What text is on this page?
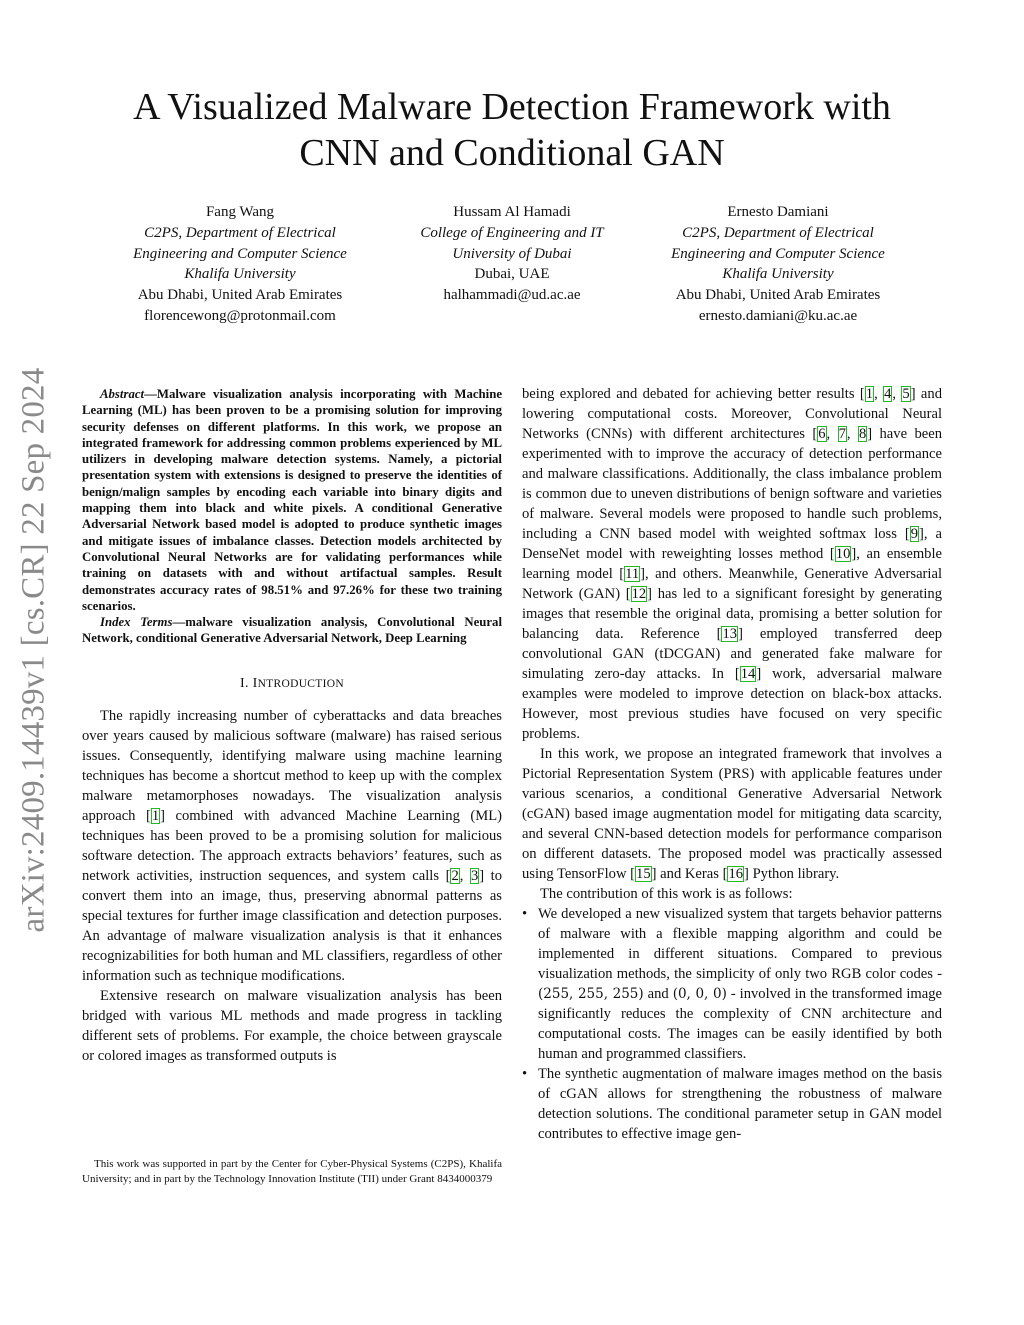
arXiv:2409.14439v1 [cs.CR] 22 Sep 2024
A Visualized Malware Detection Framework with
CNN and Conditional GAN
Fang Wang
C2PS, Department of Electrical
Engineering and Computer Science
Khalifa University
Abu Dhabi, United Arab Emirates
florencewong@protonmail.com
Hussam Al Hamadi
College of Engineering and IT
University of Dubai
Dubai, UAE
halhammadi@ud.ac.ae
Ernesto Damiani
C2PS, Department of Electrical
Engineering and Computer Science
Khalifa University
Abu Dhabi, United Arab Emirates
ernesto.damiani@ku.ac.ae

Abstract—Malware visualization analysis incorporating with Machine Learning (ML) has been proven to be a promising solution for improving security defenses on different platforms. In this work, we propose an integrated framework for addressing common problems experienced by ML utilizers in developing malware detection systems. Namely, a pictorial presentation system with extensions is designed to preserve the identities of benign/malign samples by encoding each variable into binary digits and mapping them into black and white pixels. A conditional Generative Adversarial Network based model is adopted to produce synthetic images and mitigate issues of imbalance classes. Detection models architected by Convolutional Neural Networks are for validating performances while training on datasets with and without artifactual samples. Result demonstrates accuracy rates of 98.51% and 97.26% for these two training scenarios.

Index Terms—malware visualization analysis, Convolutional Neural Network, conditional Generative Adversarial Network, Deep Learning

I. INTRODUCTION

The rapidly increasing number of cyberattacks and data breaches over years caused by malicious software (malware) has raised serious issues. Consequently, identifying malware using machine learning techniques has become a shortcut method to keep up with the complex malware metamorphoses nowadays. The visualization analysis approach [1] combined with advanced Machine Learning (ML) techniques has been proved to be a promising solution for malicious software detection. The approach extracts behaviors’ features, such as network activities, instruction sequences, and system calls [2, 3] to convert them into an image, thus, preserving abnormal patterns as special textures for further image classification and detection purposes. An advantage of malware visualization analysis is that it enhances recognizabilities for both human and ML classifiers, regardless of other information such as technique modifications.

Extensive research on malware visualization analysis has been bridged with various ML methods and made progress in tackling different sets of problems. For example, the choice between grayscale or colored images as transformed outputs is

This work was supported in part by the Center for Cyber-Physical Systems (C2PS), Khalifa University; and in part by the Technology Innovation Institute (TII) under Grant 8434000379

being explored and debated for achieving better results [1, 4, 5] and lowering computational costs. Moreover, Convolutional Neural Networks (CNNs) with different architectures [6, 7, 8] have been experimented with to improve the accuracy of detection performance and malware classifications. Additionally, the class imbalance problem is common due to uneven distributions of benign software and varieties of malware. Several models were proposed to handle such problems, including a CNN based model with weighted softmax loss [9], a DenseNet model with reweighting losses method [10], an ensemble learning model [11], and others. Meanwhile, Generative Adversarial Network (GAN) [12] has led to a significant foresight by generating images that resemble the original data, promising a better solution for balancing data. Reference [13] employed transferred deep convolutional GAN (tDCGAN) and generated fake malware for simulating zero-day attacks. In [14] work, adversarial malware examples were modeled to improve detection on black-box attacks. However, most previous studies have focused on very specific problems.

In this work, we propose an integrated framework that involves a Pictorial Representation System (PRS) with applicable features under various scenarios, a conditional Generative Adversarial Network (cGAN) based image augmentation model for mitigating data scarcity, and several CNN-based detection models for performance comparison on different datasets. The proposed model was practically assessed using TensorFlow [15] and Keras [16] Python library.

The contribution of this work is as follows:

• We developed a new visualized system that targets behavior patterns of malware with a flexible mapping algorithm and could be implemented in different situations. Compared to previous visualization methods, the simplicity of only two RGB color codes - (255, 255, 255) and (0, 0, 0) - involved in the transformed image significantly reduces the complexity of CNN architecture and computational costs. The images can be easily identified by both human and programmed classifiers.
• The synthetic augmentation of malware images method on the basis of cGAN allows for strengthening the robustness of malware detection solutions. The conditional parameter setup in GAN model contributes to effective image gen-
